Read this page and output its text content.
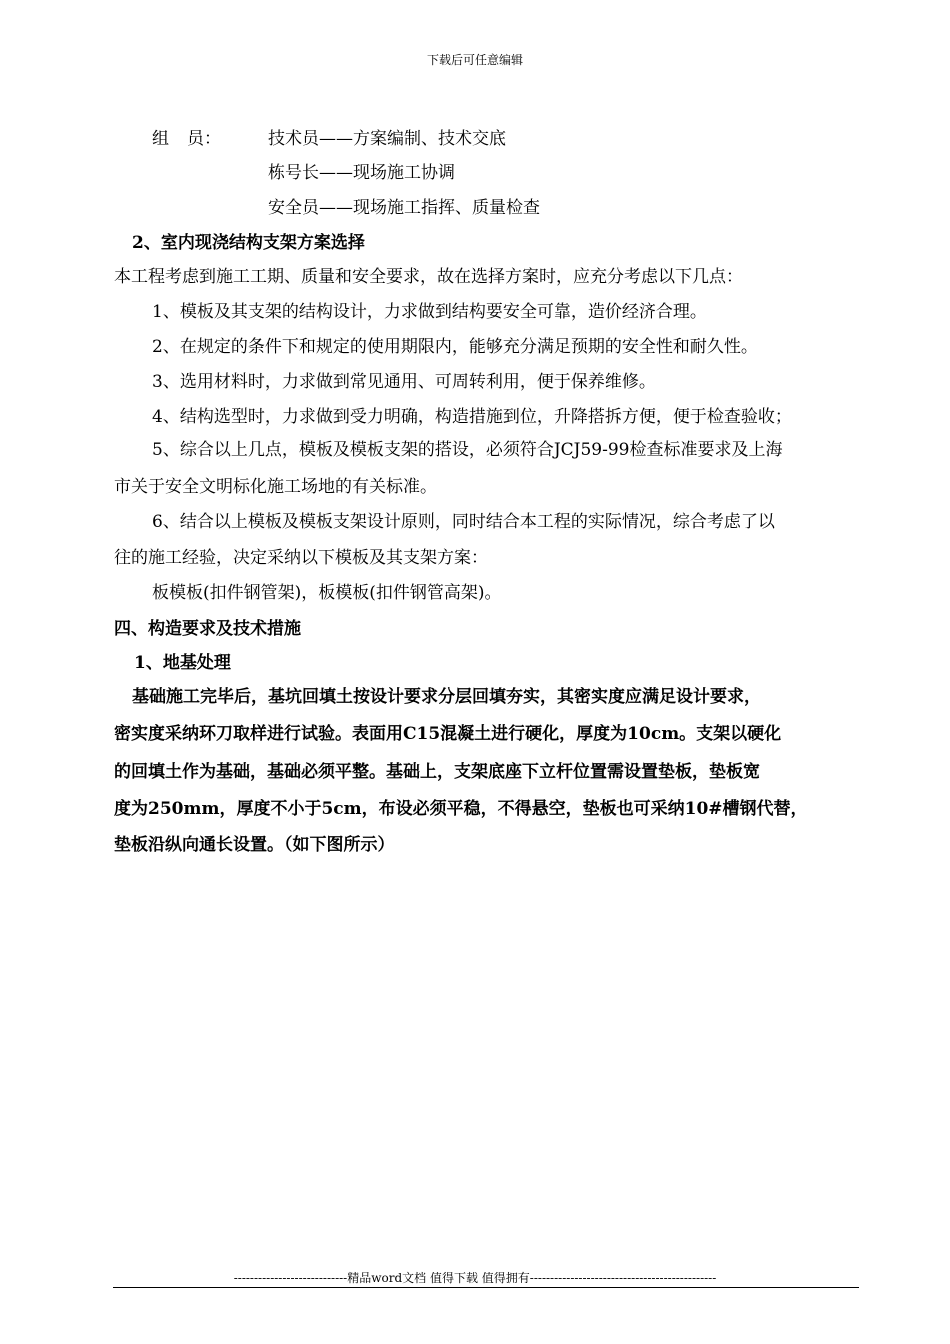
下载后可任意编辑
组 员：	技术员——方案编制、技术交底
栋号长——现场施工协调
安全员——现场施工指挥、质量检查
2、室内现浇结构支架方案选择
本工程考虑到施工工期、质量和安全要求，故在选择方案时，应充分考虑以下几点：
1、模板及其支架的结构设计，力求做到结构要安全可靠，造价经济合理。
2、在规定的条件下和规定的使用期限内，能够充分满足预期的安全性和耐久性。
3、选用材料时，力求做到常见通用、可周转利用，便于保养维修。
4、结构选型时，力求做到受力明确，构造措施到位，升降搭拆方便，便于检查验收；
5、综合以上几点，模板及模板支架的搭设，必须符合JCJ59-99检查标准要求及上海
市关于安全文明标化施工场地的有关标准。
6、结合以上模板及模板支架设计原则，同时结合本工程的实际情况，综合考虑了以
往的施工经验，决定采纳以下模板及其支架方案：
板模板(扣件钢管架)，板模板(扣件钢管高架)。
四、构造要求及技术措施
1、地基处理
基础施工完毕后，基坑回填土按设计要求分层回填夯实，其密实度应满足设计要求，
密实度采纳环刀取样进行试验。表面用C15混凝土进行硬化，厚度为10cm。支架以硬化
的回填土作为基础，基础必须平整。基础上，支架底座下立杆位置需设置垫板，垫板宽
度为250mm，厚度不小于5cm，布设必须平稳，不得悬空，垫板也可采纳10#槽钢代替，
垫板沿纵向通长设置。（如下图所示）
----------------------------精品word文档 值得下载 值得拥有----------------------------------------------
